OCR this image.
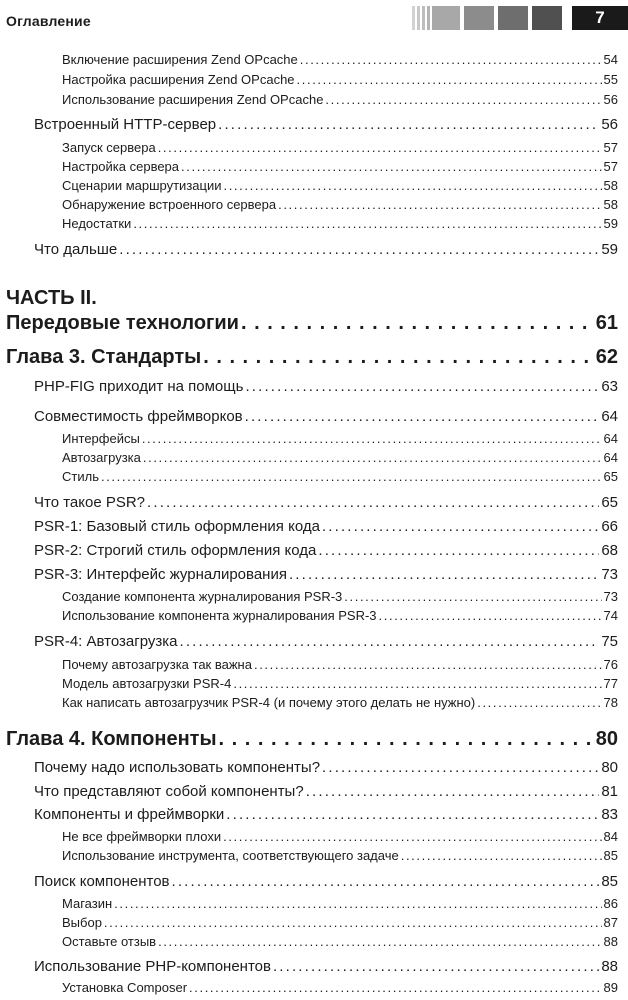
Оглавление	7
Включение расширения Zend OPcache . . .	54
Настройка расширения Zend OPcache . . .	55
Использование расширения Zend OPcache . . .	56
Встроенный HTTP-сервер . . .	56
Запуск сервера . . .	57
Настройка сервера . . .	57
Сценарии маршрутизации . . .	58
Обнаружение встроенного сервера . . .	58
Недостатки . . .	59
Что дальше . . .	59
ЧАСТЬ II.
Передовые технологии . . .	61
Глава 3. Стандарты . . .	62
PHP-FIG приходит на помощь . . .	63
Совместимость фреймворков . . .	64
Интерфейсы . . .	64
Автозагрузка . . .	64
Стиль . . .	65
Что такое PSR? . . .	65
PSR-1: Базовый стиль оформления кода . . .	66
PSR-2: Строгий стиль оформления кода . . .	68
PSR-3: Интерфейс журналирования . . .	73
Создание компонента журналирования PSR-3 . . .	73
Использование компонента журналирования PSR-3 . . .	74
PSR-4: Автозагрузка . . .	75
Почему автозагрузка так важна . . .	76
Модель автозагрузки PSR-4 . . .	77
Как написать автозагрузчик PSR-4 (и почему этого делать не нужно) . . .	78
Глава 4. Компоненты . . .	80
Почему надо использовать компоненты? . . .	80
Что представляют собой компоненты? . . .	81
Компоненты и фреймворки . . .	83
Не все фреймворки плохи . . .	84
Использование инструмента, соответствующего задаче . . .	85
Поиск компонентов . . .	85
Магазин . . .	86
Выбор . . .	87
Оставьте отзыв . . .	88
Использование PHP-компонентов . . .	88
Установка Composer . . .	89
